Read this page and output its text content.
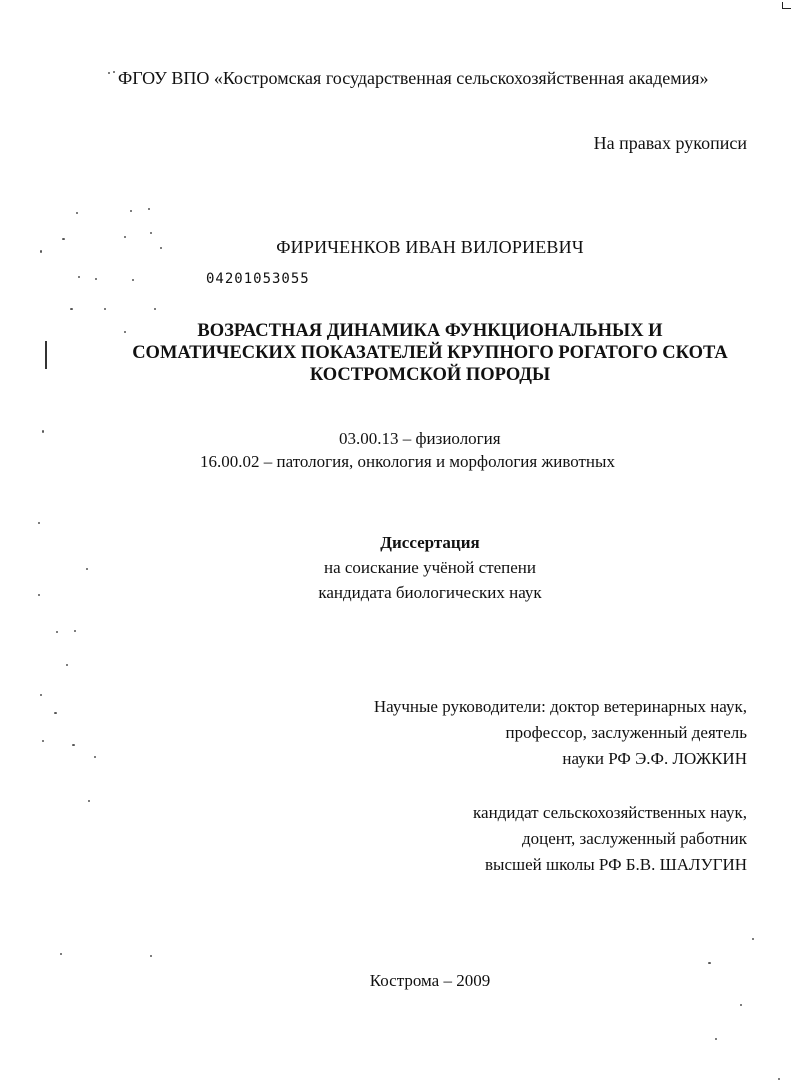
ФГОУ ВПО «Костромская государственная сельскохозяйственная академия»
На правах рукописи
ФИРИЧЕНКОВ ИВАН ВИЛОРИЕВИЧ
04201053055
ВОЗРАСТНАЯ ДИНАМИКА ФУНКЦИОНАЛЬНЫХ И
СОМАТИЧЕСКИХ ПОКАЗАТЕЛЕЙ КРУПНОГО РОГАТОГО СКОТА
КОСТРОМСКОЙ ПОРОДЫ
03.00.13 – физиология
16.00.02 – патология, онкология и морфология животных
Диссертация
на соискание учёной степени
кандидата биологических наук
Научные руководители: доктор ветеринарных наук,
профессор, заслуженный деятель
науки РФ Э.Ф. ЛОЖКИН
кандидат сельскохозяйственных наук,
доцент, заслуженный работник
высшей школы РФ Б.В. ШАЛУГИН
Кострома – 2009
